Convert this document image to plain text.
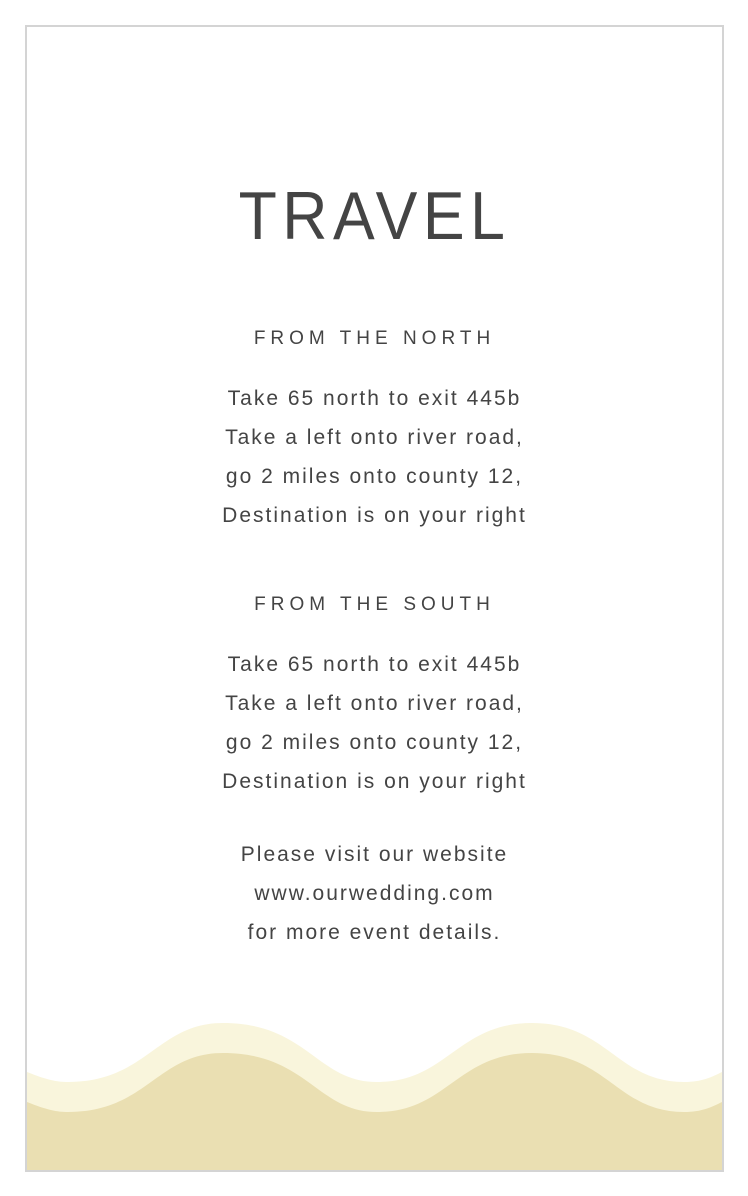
TRAVEL
FROM THE NORTH
Take 65 north to exit 445b
Take a left onto river road,
go 2 miles onto county 12,
Destination is on your right
FROM THE SOUTH
Take 65 north to exit 445b
Take a left onto river road,
go 2 miles onto county 12,
Destination is on your right
Please visit our website
www.ourwedding.com
for more event details.
